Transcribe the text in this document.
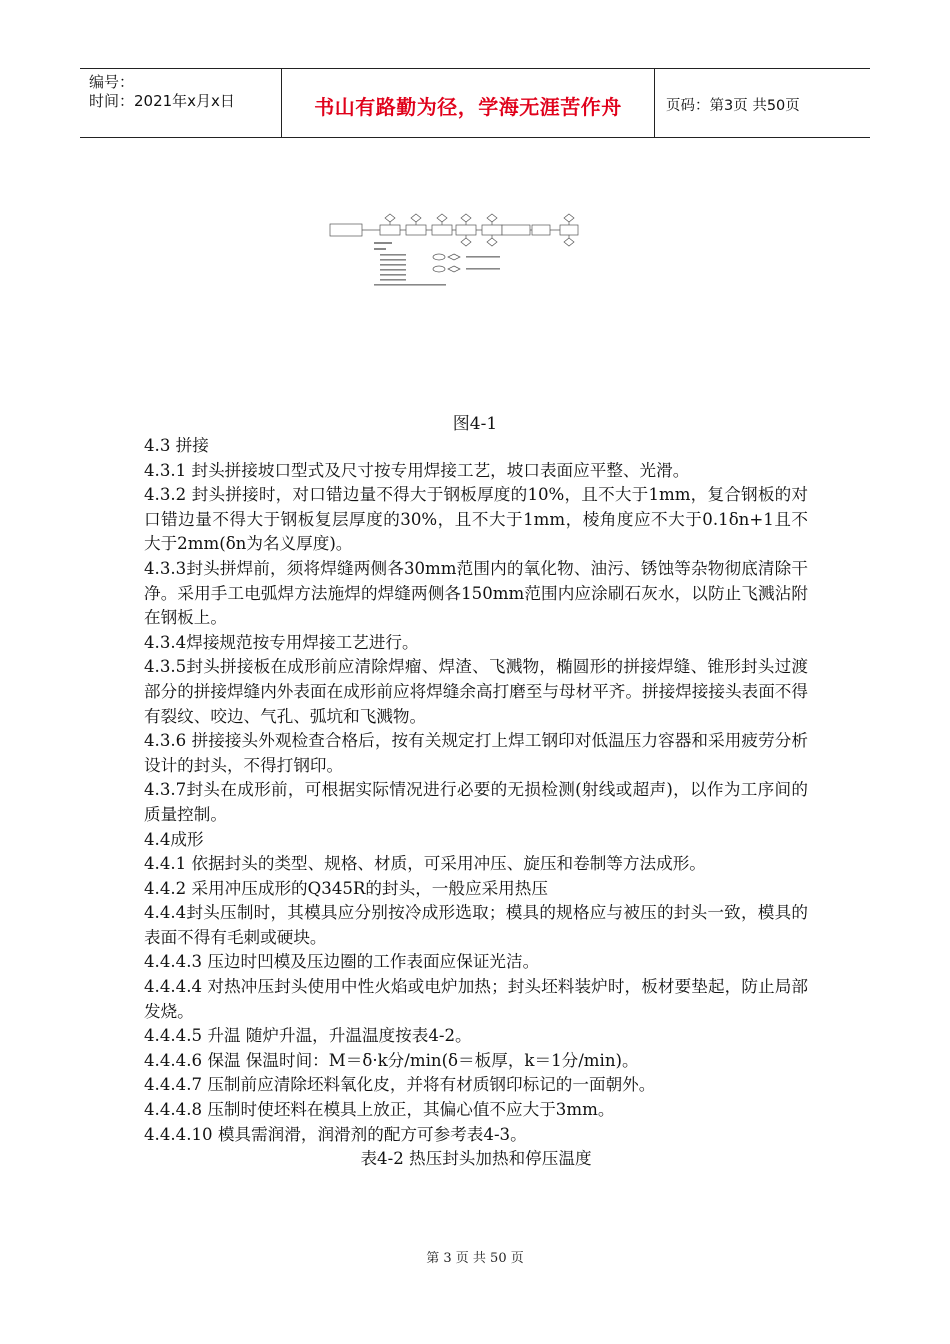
编号：
时间：2021年x月x日	书山有路勤为径，学海无涯苦作舟	页码：第3页 共50页
图4-1

4.3 拼接

4.3.1 封头拼接坡口型式及尺寸按专用焊接工艺，坡口表面应平整、光滑。

4.3.2 封头拼接时，对口错边量不得大于钢板厚度的10%，且不大于1mm，复合钢板的对口错边量不得大于钢板复层厚度的30%，且不大于1mm，棱角度应不大于0.1δn+1且不大于2mm(δn为名义厚度)。

4.3.3封头拼焊前，须将焊缝两侧各30mm范围内的氧化物、油污、锈蚀等杂物彻底清除干净。采用手工电弧焊方法施焊的焊缝两侧各150mm范围内应涂刷石灰水，以防止飞溅沾附在钢板上。

4.3.4焊接规范按专用焊接工艺进行。

4.3.5封头拼接板在成形前应清除焊瘤、焊渣、飞溅物，椭圆形的拼接焊缝、锥形封头过渡部分的拼接焊缝内外表面在成形前应将焊缝余高打磨至与母材平齐。拼接焊接接头表面不得有裂纹、咬边、气孔、弧坑和飞溅物。

4.3.6 拼接接头外观检查合格后，按有关规定打上焊工钢印对低温压力容器和采用疲劳分析设计的封头，不得打钢印。

4.3.7封头在成形前，可根据实际情况进行必要的无损检测(射线或超声)，以作为工序间的质量控制。

4.4成形

4.4.1 依据封头的类型、规格、材质，可采用冲压、旋压和卷制等方法成形。

4.4.2 采用冲压成形的Q345R的封头，一般应采用热压

4.4.4封头压制时，其模具应分别按冷成形选取；模具的规格应与被压的封头一致，模具的表面不得有毛刺或硬块。

4.4.4.3 压边时凹模及压边圈的工作表面应保证光洁。

4.4.4.4 对热冲压封头使用中性火焰或电炉加热；封头坯料装炉时，板材要垫起，防止局部发烧。

4.4.4.5 升温 随炉升温，升温温度按表4-2。

4.4.4.6 保温 保温时间：M＝δ·k分/min(δ＝板厚，k＝1分/min)。

4.4.4.7 压制前应清除坯料氧化皮，并将有材质钢印标记的一面朝外。

4.4.4.8 压制时使坯料在模具上放正，其偏心值不应大于3mm。

4.4.4.10 模具需润滑，润滑剂的配方可参考表4-3。

表4-2 热压封头加热和停压温度

第 3 页 共 50 页
